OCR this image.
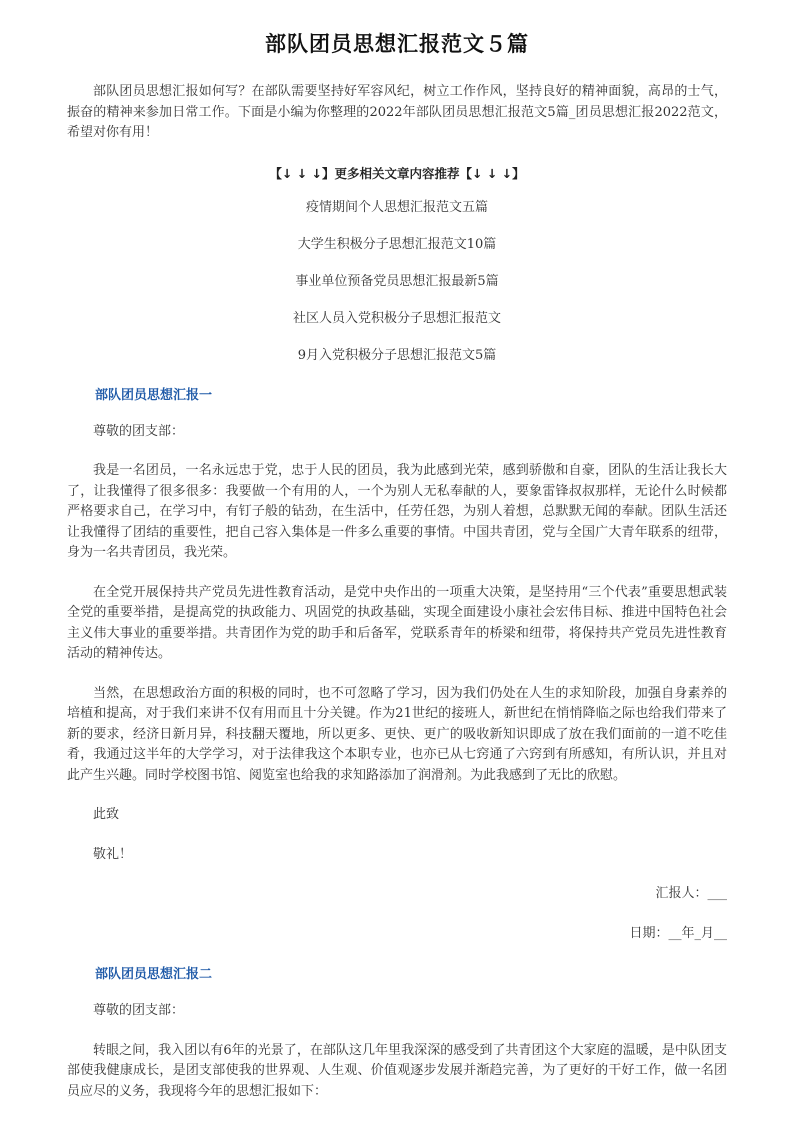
部队团员思想汇报范文５篇

部队团员思想汇报如何写？在部队需要坚持好军容风纪，树立工作作风，坚持良好的精神面貌，高昂的士气，振奋的精神来参加日常工作。下面是小编为你整理的2022年部队团员思想汇报范文5篇_团员思想汇报2022范文，希望对你有用！

【↓ ↓ ↓】更多相关文章内容推荐【↓ ↓ ↓】
疫情期间个人思想汇报范文五篇
大学生积极分子思想汇报范文10篇
事业单位预备党员思想汇报最新5篇
社区人员入党积极分子思想汇报范文
9月入党积极分子思想汇报范文5篇
部队团员思想汇报一

尊敬的团支部：

我是一名团员，一名永远忠于党，忠于人民的团员，我为此感到光荣，感到骄傲和自豪，团队的生活让我长大了，让我懂得了很多很多：我要做一个有用的人，一个为别人无私奉献的人，要象雷锋叔叔那样，无论什么时候都严格要求自己，在学习中，有钉子般的钻劲，在生活中，任劳任怨，为别人着想，总默默无闻的奉献。团队生活还让我懂得了团结的重要性，把自己容入集体是一件多么重要的事情。中国共青团，党与全国广大青年联系的纽带，身为一名共青团员，我光荣。

在全党开展保持共产党员先进性教育活动，是党中央作出的一项重大决策，是坚持用“三个代表”重要思想武装全党的重要举措，是提高党的执政能力、巩固党的执政基础，实现全面建设小康社会宏伟目标、推进中国特色社会主义伟大事业的重要举措。共青团作为党的助手和后备军，党联系青年的桥梁和纽带，将保持共产党员先进性教育活动的精神传达。

当然，在思想政治方面的积极的同时，也不可忽略了学习，因为我们仍处在人生的求知阶段，加强自身素养的培植和提高，对于我们来讲不仅有用而且十分关键。作为21世纪的接班人，新世纪在悄悄降临之际也给我们带来了新的要求，经济日新月异，科技翻天覆地，所以更多、更快、更广的吸收新知识即成了放在我们面前的一道不吃佳肴，我通过这半年的大学学习，对于法律我这个本职专业，也亦已从七窍通了六窍到有所感知，有所认识，并且对此产生兴趣。同时学校图书馆、阅览室也给我的求知路添加了润滑剂。为此我感到了无比的欣慰。

此致

敬礼！

汇报人：___

日期：__年_月__

部队团员思想汇报二

尊敬的团支部：

转眼之间，我入团以有6年的光景了，在部队这几年里我深深的感受到了共青团这个大家庭的温暖，是中队团支部使我健康成长，是团支部使我的世界观、人生观、价值观逐步发展并渐趋完善，为了更好的干好工作，做一名团员应尽的义务，我现将今年的思想汇报如下：
